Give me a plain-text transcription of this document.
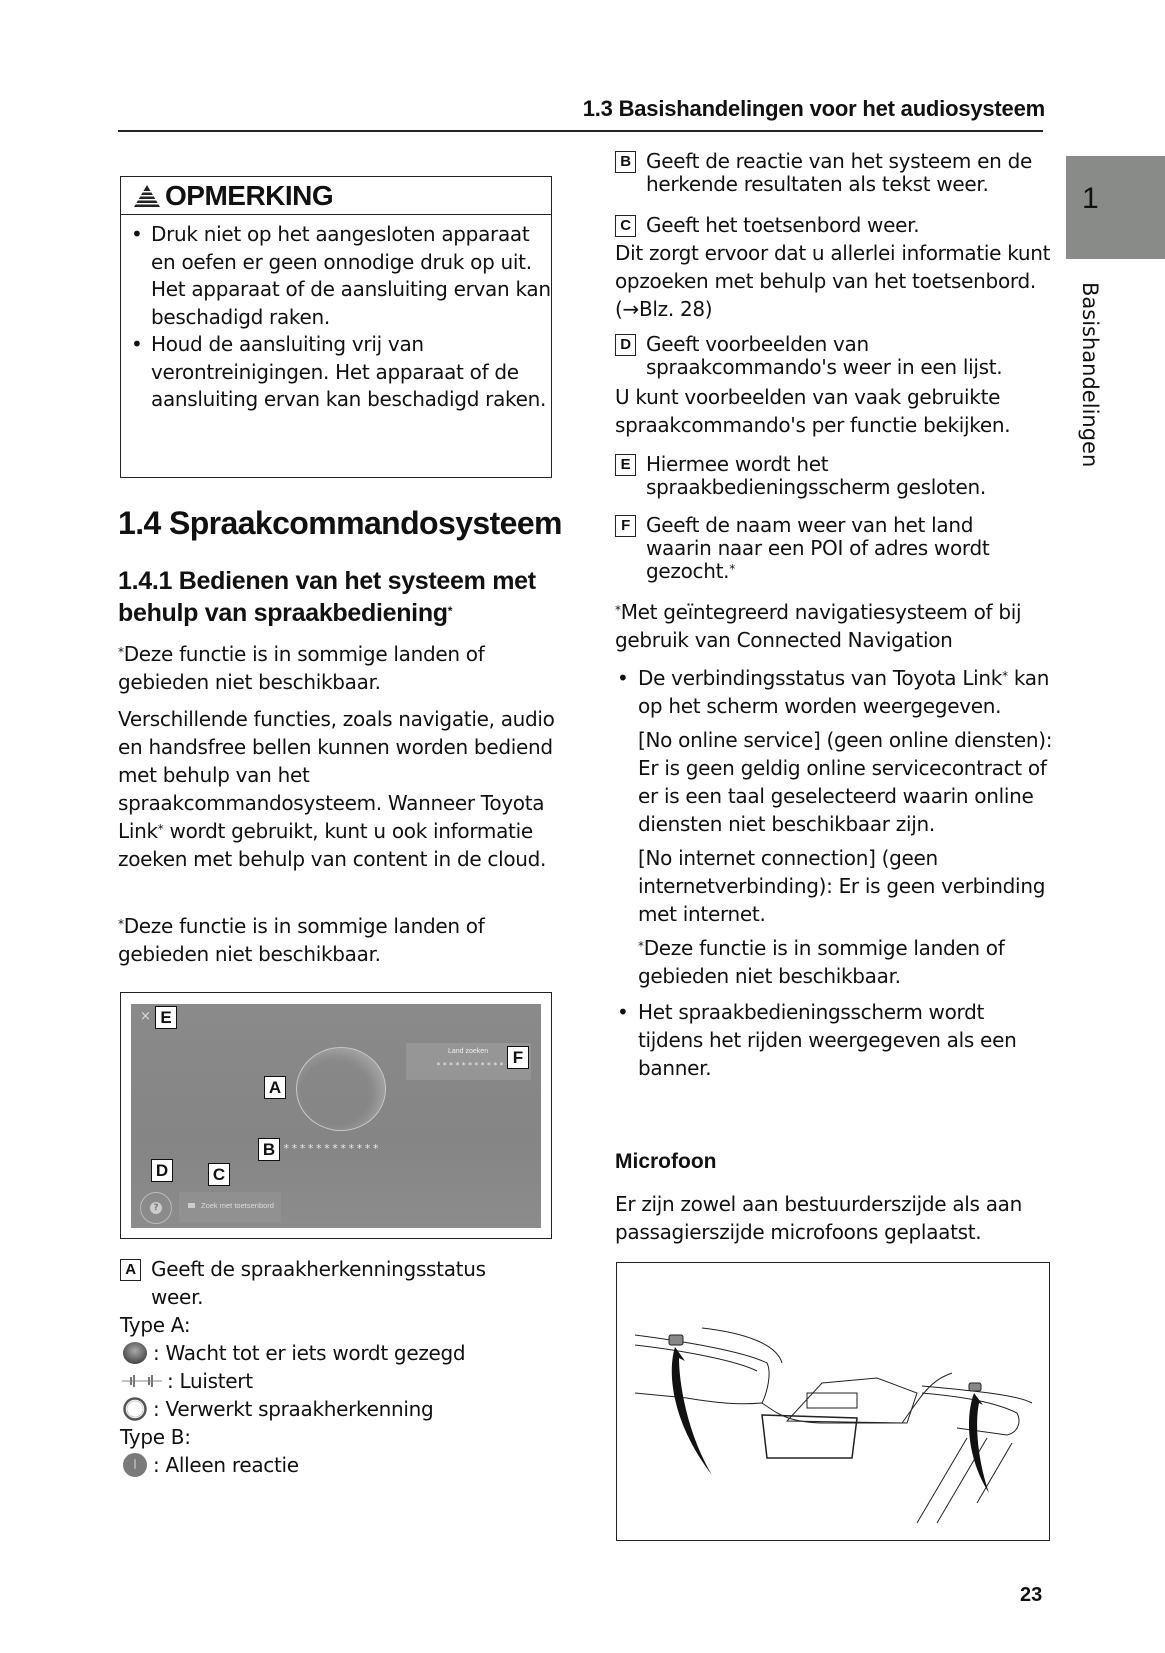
1.3 Basishandelingen voor het audiosysteem
1
Basishandelingen
OPMERKING
• Druk niet op het aangesloten apparaat en oefen er geen onnodige druk op uit. Het apparaat of de aansluiting ervan kan beschadigd raken.
• Houd de aansluiting vrij van verontreinigingen. Het apparaat of de aansluiting ervan kan beschadigd raken.
1.4 Spraakcommandosysteem
1.4.1 Bedienen van het systeem met behulp van spraakbediening*
*Deze functie is in sommige landen of gebieden niet beschikbaar.
Verschillende functies, zoals navigatie, audio en handsfree bellen kunnen worden bediend met behulp van het spraakcommandosysteem. Wanneer Toyota Link* wordt gebruikt, kunt u ook informatie zoeken met behulp van content in de cloud.
*Deze functie is in sommige landen of gebieden niet beschikbaar.
× E
A
Land zoeken
*********** F
B ************
D	C
?	Zoek met toetsenbord
A Geeft de spraakherkenningsstatus weer.
Type A:
: Wacht tot er iets wordt gezegd
: Luistert
: Verwerkt spraakherkenning
Type B:
: Alleen reactie
B Geeft de reactie van het systeem en de herkende resultaten als tekst weer.
C Geeft het toetsenbord weer.
Dit zorgt ervoor dat u allerlei informatie kunt opzoeken met behulp van het toetsenbord. (→Blz. 28)
D Geeft voorbeelden van spraakcommando's weer in een lijst.
U kunt voorbeelden van vaak gebruikte spraakcommando's per functie bekijken.
E Hiermee wordt het spraakbedieningsscherm gesloten.
F Geeft de naam weer van het land waarin naar een POI of adres wordt gezocht.*
*Met geïntegreerd navigatiesysteem of bij gebruik van Connected Navigation
• De verbindingsstatus van Toyota Link* kan op het scherm worden weergegeven.
[No online service] (geen online diensten): Er is geen geldig online servicecontract of er is een taal geselecteerd waarin online diensten niet beschikbaar zijn.
[No internet connection] (geen internetverbinding): Er is geen verbinding met internet.
*Deze functie is in sommige landen of gebieden niet beschikbaar.
• Het spraakbedieningsscherm wordt tijdens het rijden weergegeven als een banner.
Microfoon
Er zijn zowel aan bestuurderszijde als aan passagierszijde microfoons geplaatst.
23
